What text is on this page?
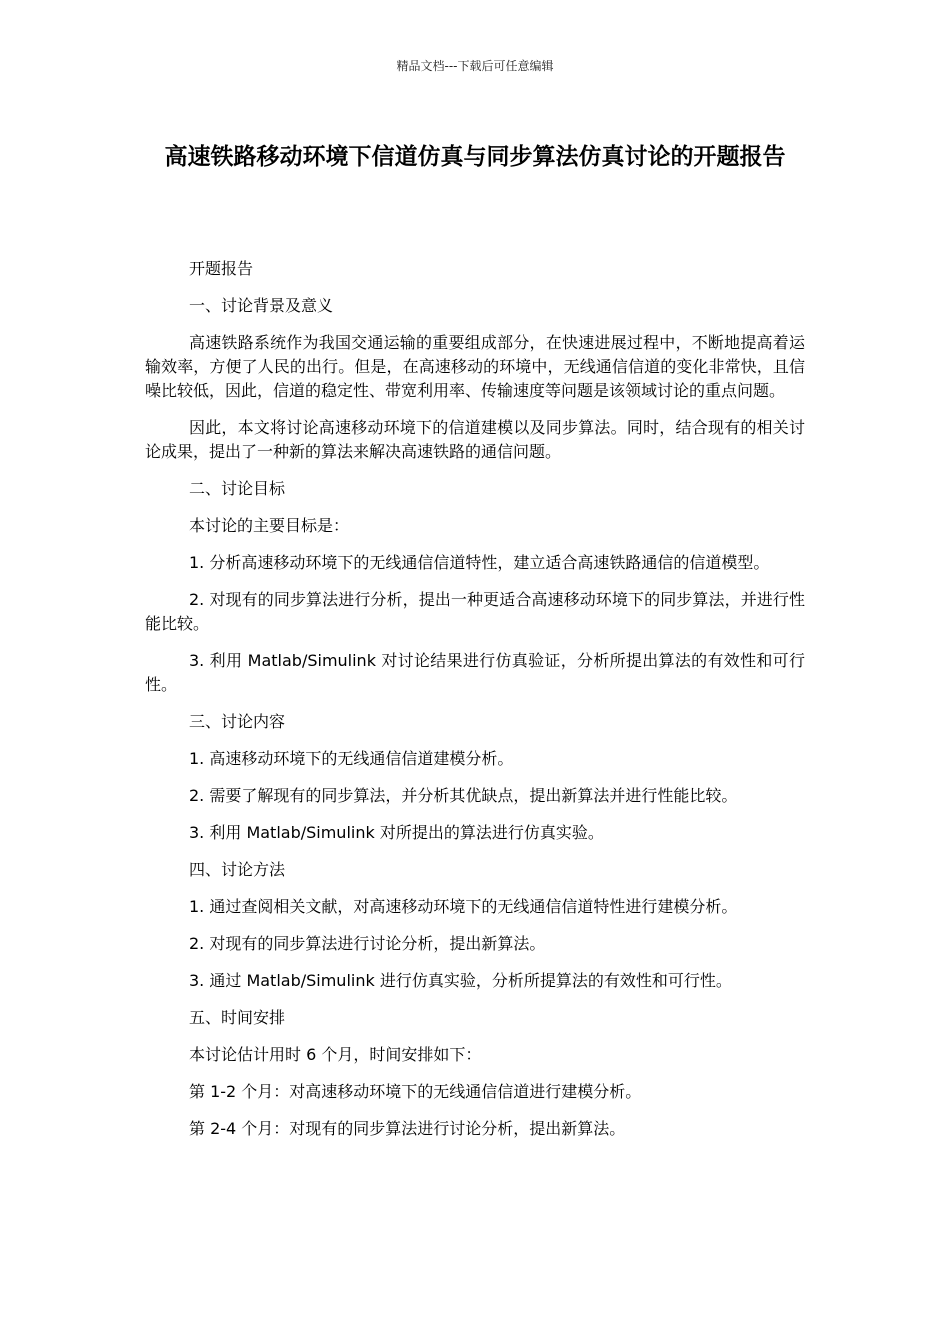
精品文档---下载后可任意编辑
高速铁路移动环境下信道仿真与同步算法仿真讨论的开题报告

开题报告

一、讨论背景及意义

高速铁路系统作为我国交通运输的重要组成部分，在快速进展过程中，不断地提高着运输效率，方便了人民的出行。但是，在高速移动的环境中，无线通信信道的变化非常快，且信噪比较低，因此，信道的稳定性、带宽利用率、传输速度等问题是该领域讨论的重点问题。

因此，本文将讨论高速移动环境下的信道建模以及同步算法。同时，结合现有的相关讨论成果，提出了一种新的算法来解决高速铁路的通信问题。

二、讨论目标

本讨论的主要目标是：

1. 分析高速移动环境下的无线通信信道特性，建立适合高速铁路通信的信道模型。

2. 对现有的同步算法进行分析，提出一种更适合高速移动环境下的同步算法，并进行性能比较。

3. 利用 Matlab/Simulink 对讨论结果进行仿真验证，分析所提出算法的有效性和可行性。

三、讨论内容

1. 高速移动环境下的无线通信信道建模分析。

2. 需要了解现有的同步算法，并分析其优缺点，提出新算法并进行性能比较。

3. 利用 Matlab/Simulink 对所提出的算法进行仿真实验。

四、讨论方法

1. 通过查阅相关文献，对高速移动环境下的无线通信信道特性进行建模分析。

2. 对现有的同步算法进行讨论分析，提出新算法。

3. 通过 Matlab/Simulink 进行仿真实验，分析所提算法的有效性和可行性。

五、时间安排

本讨论估计用时 6 个月，时间安排如下：

第 1-2 个月：对高速移动环境下的无线通信信道进行建模分析。

第 2-4 个月：对现有的同步算法进行讨论分析，提出新算法。
